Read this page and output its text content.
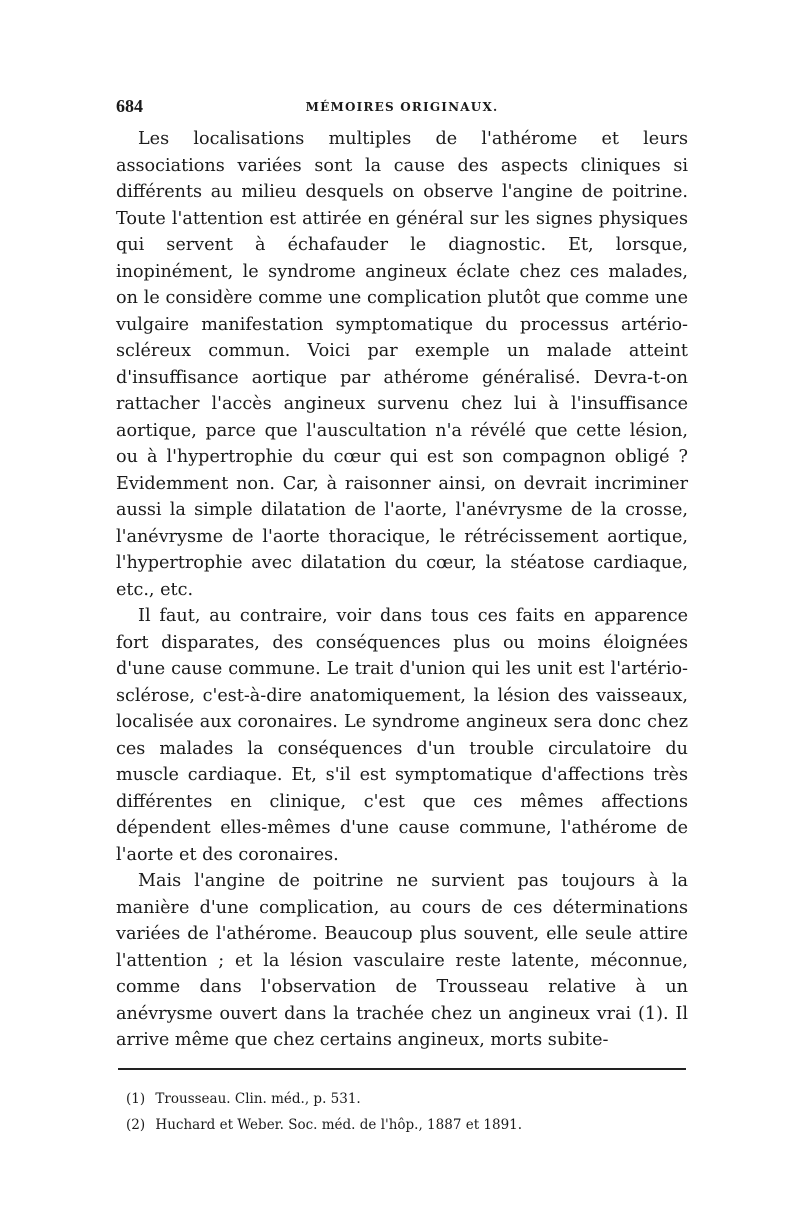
684	MÉMOIRES ORIGINAUX.

Les localisations multiples de l'athérome et leurs associations variées sont la cause des aspects cliniques si différents au milieu desquels on observe l'angine de poitrine. Toute l'attention est attirée en général sur les signes physiques qui servent à échafauder le diagnostic. Et, lorsque, inopinément, le syndrome angineux éclate chez ces malades, on le considère comme une complication plutôt que comme une vulgaire manifestation symptomatique du processus artério-scléreux commun. Voici par exemple un malade atteint d'insuffisance aortique par athérome généralisé. Devra-t-on rattacher l'accès angineux survenu chez lui à l'insuffisance aortique, parce que l'auscultation n'a révélé que cette lésion, ou à l'hypertrophie du cœur qui est son compagnon obligé ? Evidemment non. Car, à raisonner ainsi, on devrait incriminer aussi la simple dilatation de l'aorte, l'anévrysme de la crosse, l'anévrysme de l'aorte thoracique, le rétrécissement aortique, l'hypertrophie avec dilatation du cœur, la stéatose cardiaque, etc., etc.

Il faut, au contraire, voir dans tous ces faits en apparence fort disparates, des conséquences plus ou moins éloignées d'une cause commune. Le trait d'union qui les unit est l'artério-sclérose, c'est-à-dire anatomiquement, la lésion des vaisseaux, localisée aux coronaires. Le syndrome angineux sera donc chez ces malades la conséquences d'un trouble circulatoire du muscle cardiaque. Et, s'il est symptomatique d'affections très différentes en clinique, c'est que ces mêmes affections dépendent elles-mêmes d'une cause commune, l'athérome de l'aorte et des coronaires.

Mais l'angine de poitrine ne survient pas toujours à la manière d'une complication, au cours de ces déterminations variées de l'athérome. Beaucoup plus souvent, elle seule attire l'attention ; et la lésion vasculaire reste latente, méconnue, comme dans l'observation de Trousseau relative à un anévrysme ouvert dans la trachée chez un angineux vrai (1). Il arrive même que chez certains angineux, morts subite-

(1) Trousseau. Clin. méd., p. 531.
(2) Huchard et Weber. Soc. méd. de l'hôp., 1887 et 1891.
